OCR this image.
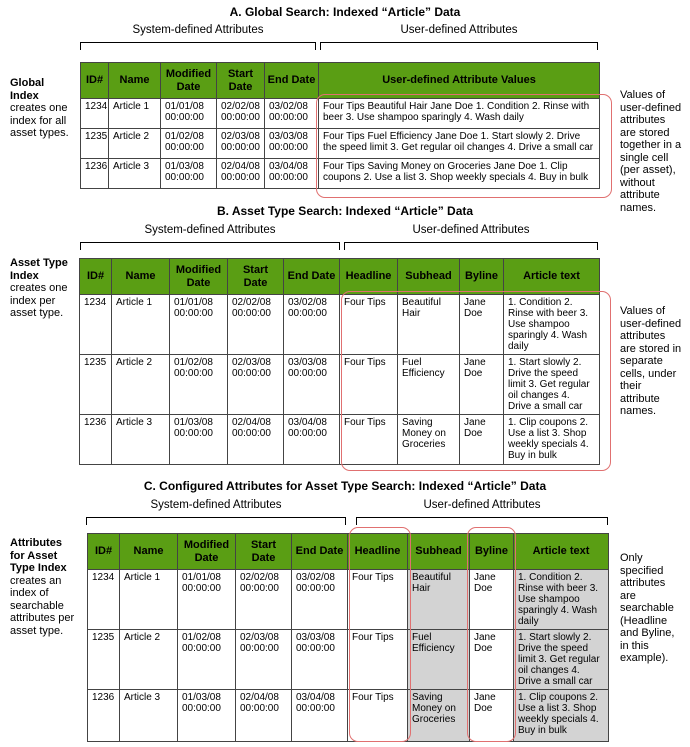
A. Global Search: Indexed “Article” Data
System-defined Attributes	User-defined Attributes
Global Index
creates one index for all asset types.
Values of user-defined attributes are stored together in a single cell (per asset), without attribute names.
ID#	Name	Modified Date	Start Date	End Date	User-defined Attribute Values
1234	Article 1	01/01/08 00:00:00	02/02/08 00:00:00	03/02/08 00:00:00	Four Tips Beautiful Hair Jane Doe 1. Condition 2. Rinse with beer 3. Use shampoo sparingly 4. Wash daily
1235	Article 2	01/02/08 00:00:00	02/03/08 00:00:00	03/03/08 00:00:00	Four Tips Fuel Efficiency Jane Doe 1. Start slowly 2. Drive the speed limit 3. Get regular oil changes 4. Drive a small car
1236	Article 3	01/03/08 00:00:00	02/04/08 00:00:00	03/04/08 00:00:00	Four Tips Saving Money on Groceries Jane Doe 1. Clip coupons 2. Use a list 3. Shop weekly specials 4. Buy in bulk
B. Asset Type Search: Indexed “Article” Data
System-defined Attributes	User-defined Attributes
Asset Type Index
creates one index per asset type.	Values of user-defined attributes are stored in separate cells, under their attribute names.
ID#	Name	Modified Date	Start Date	End Date	Headline	Subhead	Byline	Article text
1234	Article 1	01/01/08 00:00:00	02/02/08 00:00:00	03/02/08 00:00:00	Four Tips	Beautiful Hair	Jane Doe	1. Condition 2. Rinse with beer 3. Use shampoo sparingly 4. Wash daily
1235	Article 2	01/02/08 00:00:00	02/03/08 00:00:00	03/03/08 00:00:00	Four Tips	Fuel Efficiency	Jane Doe	1. Start slowly 2. Drive the speed limit 3. Get regular oil changes 4. Drive a small car
1236	Article 3	01/03/08 00:00:00	02/04/08 00:00:00	03/04/08 00:00:00	Four Tips	Saving Money on Groceries	Jane Doe	1. Clip coupons 2. Use a list 3. Shop weekly specials 4. Buy in bulk
C. Configured Attributes for Asset Type Search: Indexed “Article” Data
System-defined Attributes	User-defined Attributes
Attributes for Asset Type Index
creates an index of searchable attributes per asset type.
Only specified attributes are searchable (Headline and Byline, in this example).
ID#	Name	Modified Date	Start Date	End Date	Headline	Subhead	Byline	Article text
1234	Article 1	01/01/08 00:00:00	02/02/08 00:00:00	03/02/08 00:00:00	Four Tips	Beautiful Hair	Jane Doe	1. Condition 2. Rinse with beer 3. Use shampoo sparingly 4. Wash daily
1235	Article 2	01/02/08 00:00:00	02/03/08 00:00:00	03/03/08 00:00:00	Four Tips	Fuel Efficiency	Jane Doe	1. Start slowly 2. Drive the speed limit 3. Get regular oil changes 4. Drive a small car
1236	Article 3	01/03/08 00:00:00	02/04/08 00:00:00	03/04/08 00:00:00	Four Tips	Saving Money on Groceries	Jane Doe	1. Clip coupons 2. Use a list 3. Shop weekly specials 4. Buy in bulk
